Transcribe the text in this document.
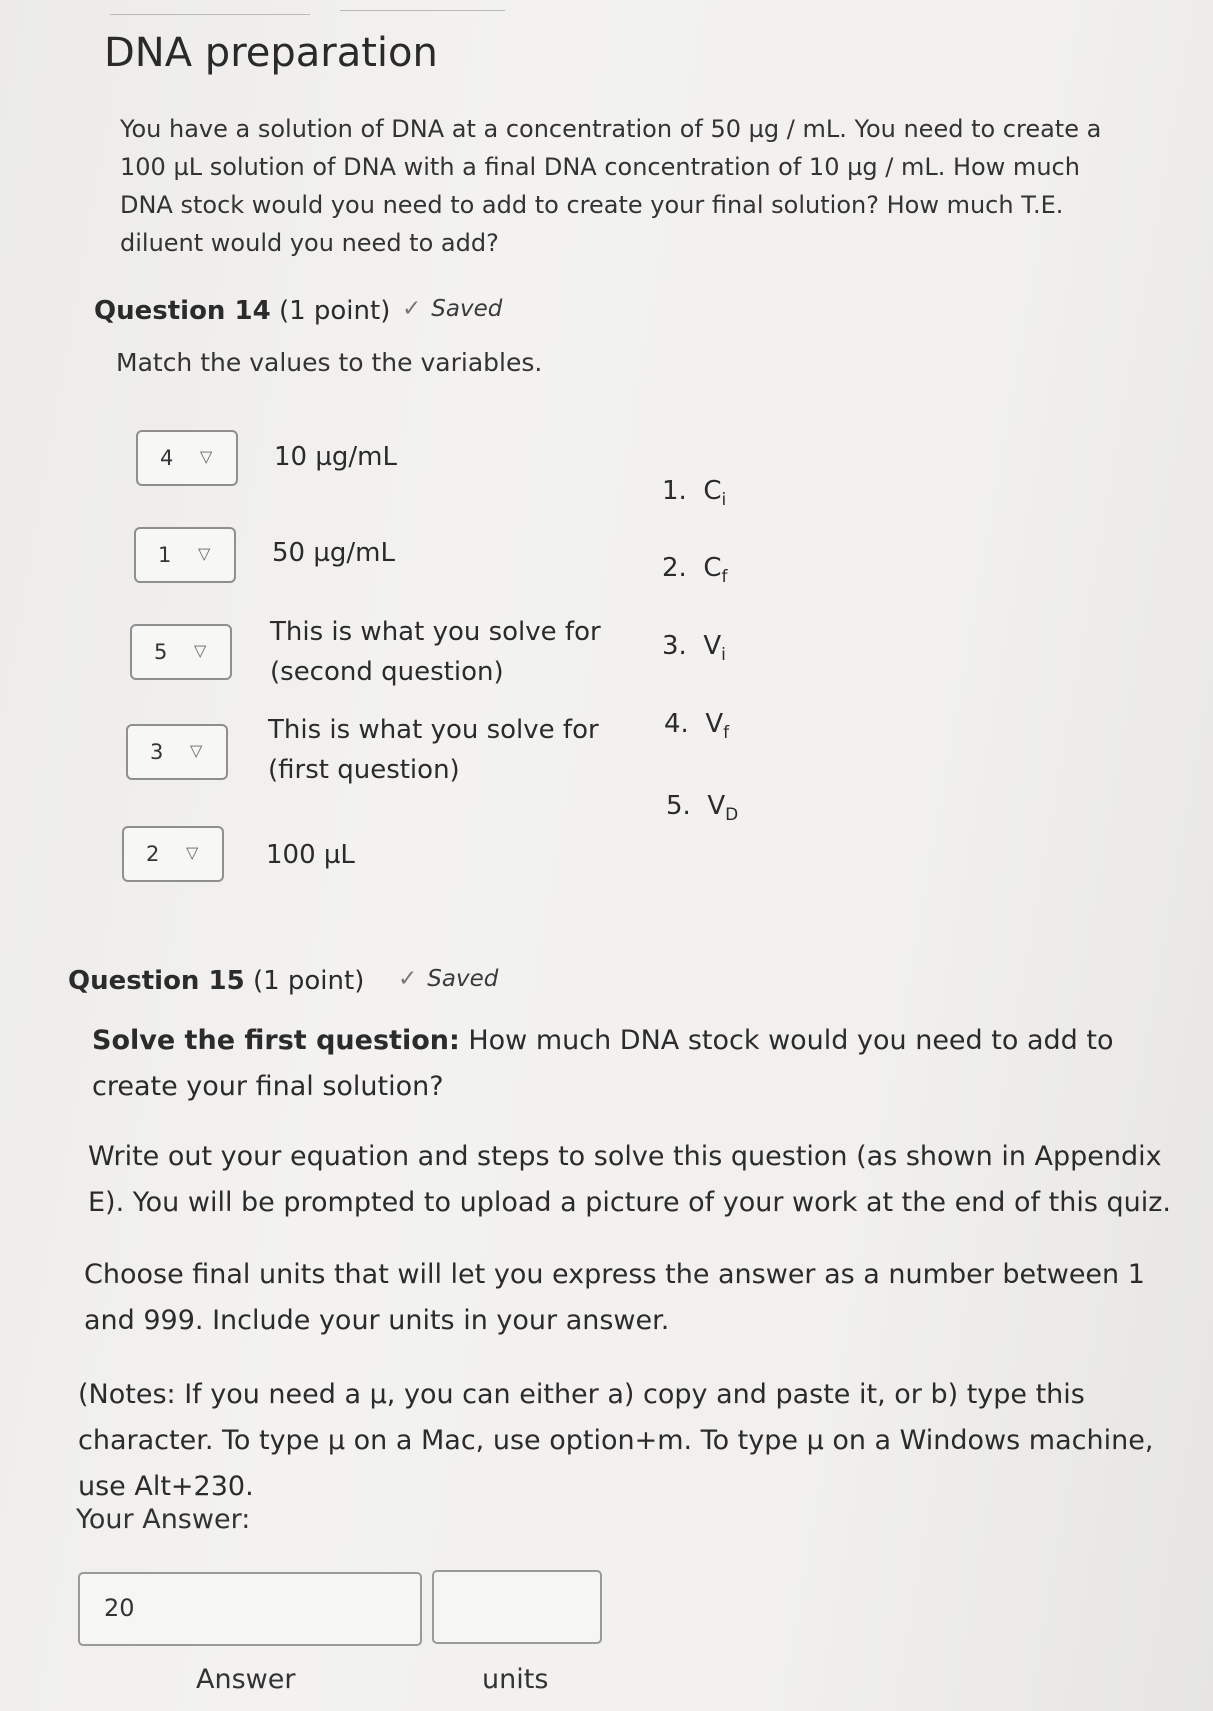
DNA preparation
You have a solution of DNA at a concentration of 50 µg / mL. You need to create a 100 µL solution of DNA with a final DNA concentration of 10 µg / mL. How much DNA stock would you need to add to create your final solution? How much T.E. diluent would you need to add?
Question 14 (1 point) ✓ Saved
Match the values to the variables.
4 ▽ 10 µg/mL
1 ▽ 50 µg/mL
5 ▽
This is what you solve for (second question)
3 ▽
This is what you solve for (first question)
2 ▽	100 µL
1. $C_i$
2. $C_f$
3. $V_i$
4. $V_f$
5. $V_D$
Question 15 (1 point) ✓ Saved
Solve the first question: How much DNA stock would you need to add to create your final solution?
Write out your equation and steps to solve this question (as shown in Appendix E). You will be prompted to upload a picture of your work at the end of this quiz.
Choose final units that will let you express the answer as a number between 1 and 999. Include your units in your answer.
(Notes: If you need a µ, you can either a) copy and paste it, or b) type this character. To type µ on a Mac, use option+m. To type µ on a Windows machine, use Alt+230.
Your Answer:
20
Answer	units
